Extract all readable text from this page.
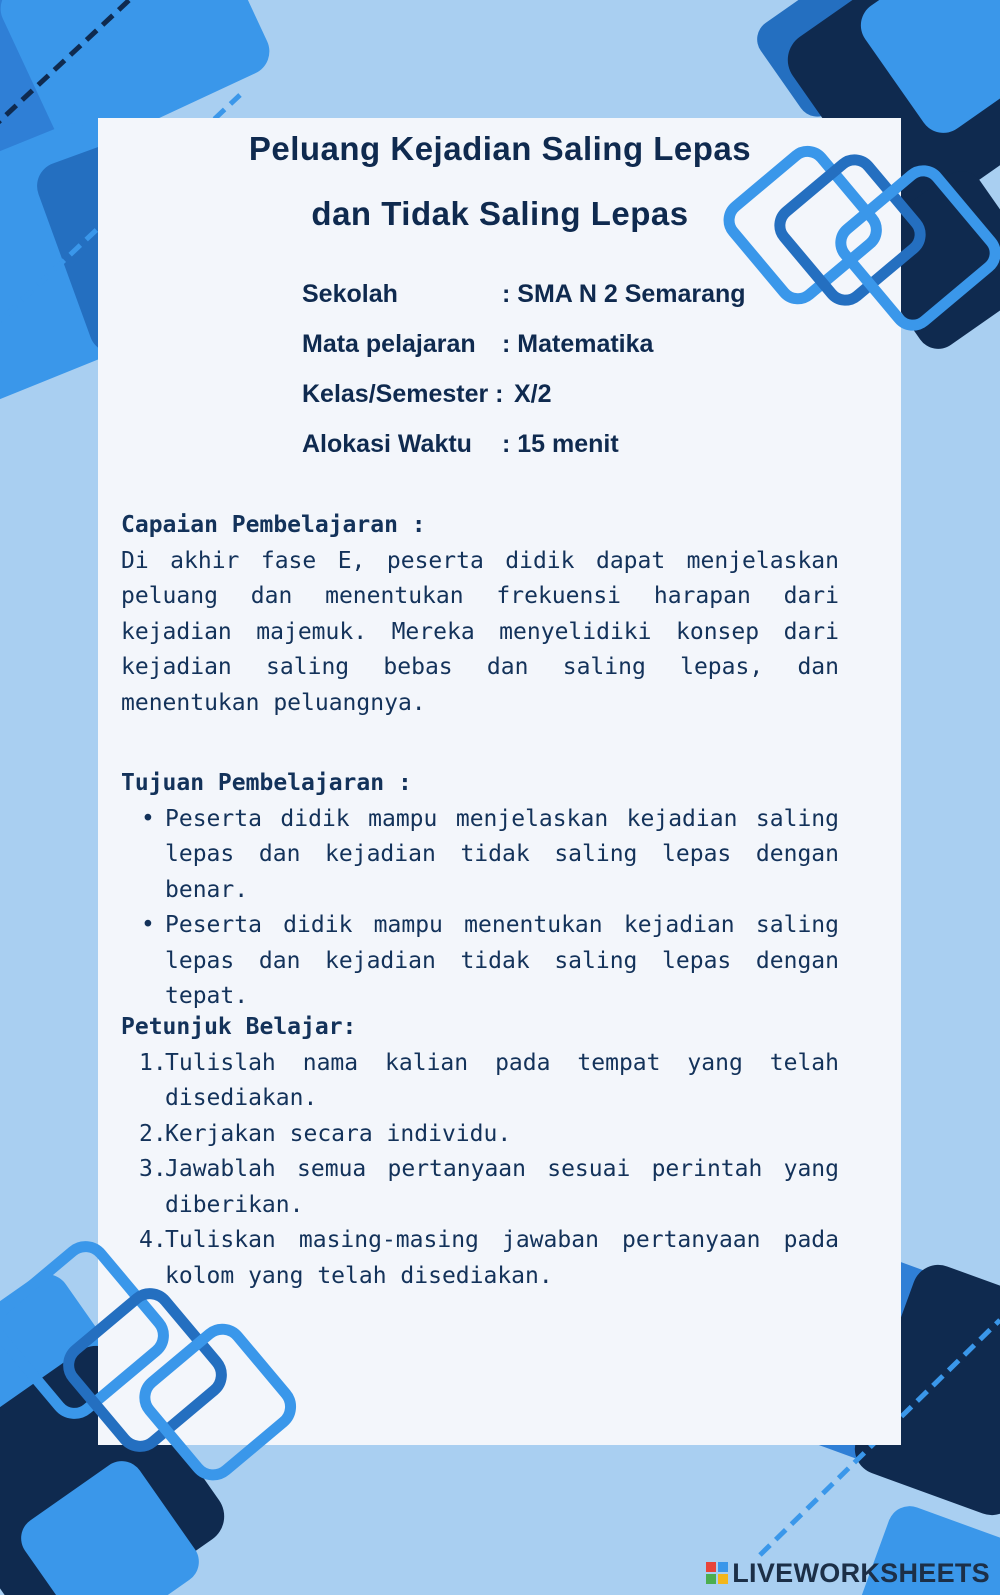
Peluang Kejadian Saling Lepas
dan Tidak Saling Lepas
Sekolah	: SMA N 2 Semarang
Mata pelajaran : Matematika
Kelas/Semester : X/2
Alokasi Waktu : 15 menit
Capaian Pembelajaran :
Di akhir fase E, peserta didik dapat menjelaskan peluang dan menentukan frekuensi harapan dari kejadian majemuk. Mereka menyelidiki konsep dari kejadian saling bebas dan saling lepas, dan menentukan peluangnya.
Tujuan Pembelajaran :
• Peserta didik mampu menjelaskan kejadian saling lepas dan kejadian tidak saling lepas dengan benar.
• Peserta didik mampu menentukan kejadian saling lepas dan kejadian tidak saling lepas dengan tepat.
Petunjuk Belajar:
1.
Tulislah nama kalian pada tempat yang telah disediakan.
2.
Kerjakan secara individu.
3.
Jawablah semua pertanyaan sesuai perintah yang diberikan.
4.
Tuliskan masing-masing jawaban pertanyaan pada kolom yang telah disediakan.
LIVEWORKSHEETS
